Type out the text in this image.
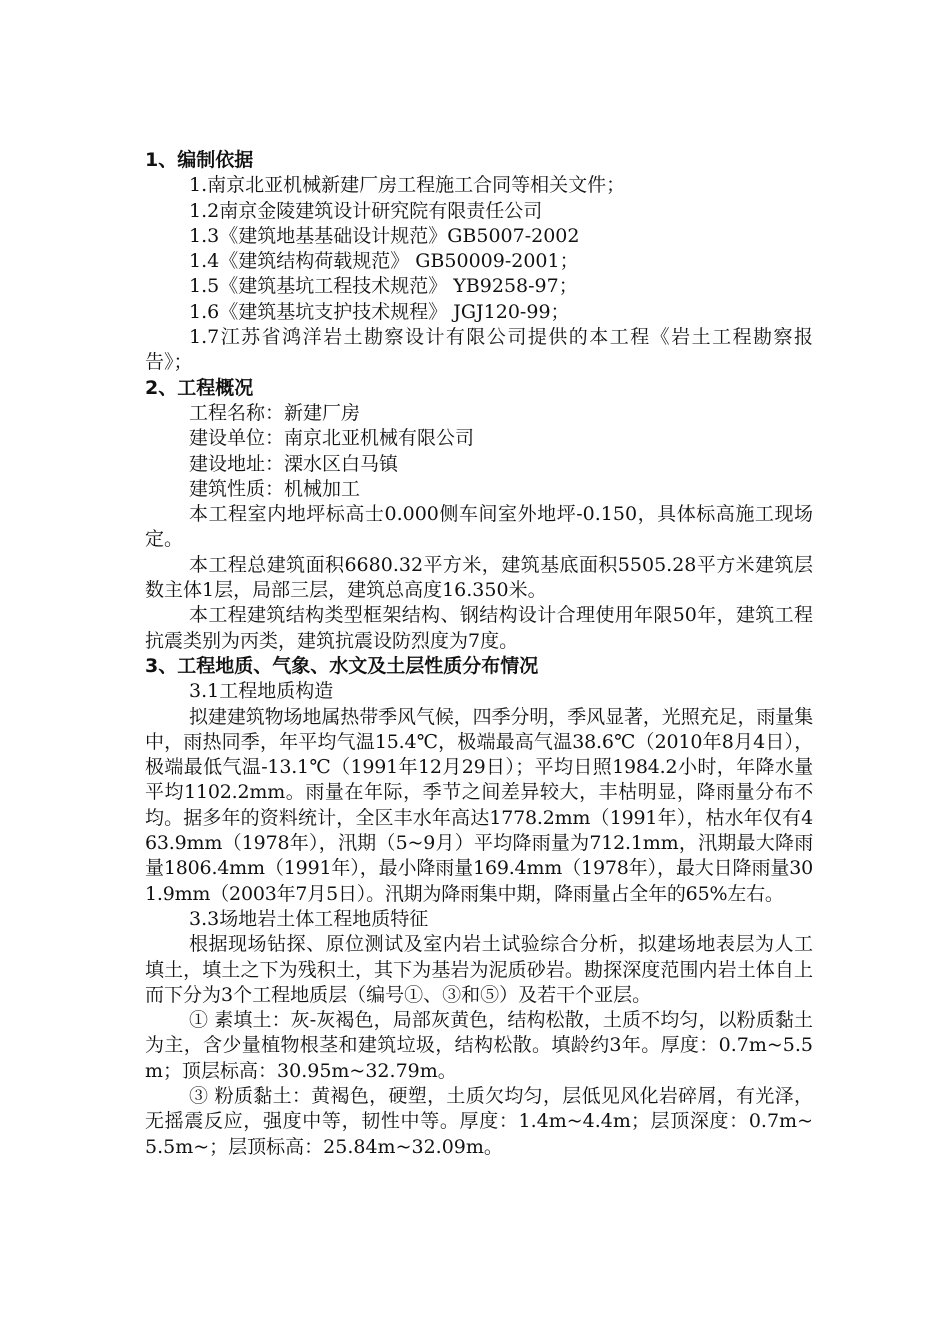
1、编制依据

1.南京北亚机械新建厂房工程施工合同等相关文件；

1.2南京金陵建筑设计研究院有限责任公司

1.3《建筑地基基础设计规范》GB5007-2002

1.4《建筑结构荷载规范》 GB50009-2001；

1.5《建筑基坑工程技术规范》 YB9258-97；

1.6《建筑基坑支护技术规程》 JGJ120-99；

1.7江苏省鸿洋岩土勘察设计有限公司提供的本工程《岩土工程勘察报告》；

2、工程概况

工程名称：新建厂房

建设单位：南京北亚机械有限公司

建设地址：溧水区白马镇

建筑性质：机械加工

本工程室内地坪标高士0.000侧车间室外地坪-0.150，具体标高施工现场定。

本工程总建筑面积6680.32平方米，建筑基底面积5505.28平方米建筑层数主体1层，局部三层，建筑总高度16.350米。

本工程建筑结构类型框架结构、钢结构设计合理使用年限50年，建筑工程抗震类别为丙类，建筑抗震设防烈度为7度。

3、工程地质、气象、水文及土层性质分布情况

3.1工程地质构造

拟建建筑物场地属热带季风气候，四季分明，季风显著，光照充足，雨量集中，雨热同季，年平均气温15.4℃，极端最高气温38.6℃（2010年8月4日），极端最低气温-13.1℃（1991年12月29日）；平均日照1984.2小时，年降水量平均1102.2mm。雨量在年际，季节之间差异较大，丰枯明显，降雨量分布不均。据多年的资料统计，全区丰水年高达1778.2mm（1991年），枯水年仅有463.9mm（1978年），汛期（5~9月）平均降雨量为712.1mm，汛期最大降雨量1806.4mm（1991年），最小降雨量169.4mm（1978年），最大日降雨量301.9mm（2003年7月5日）。汛期为降雨集中期，降雨量占全年的65%左右。

3.3场地岩土体工程地质特征

根据现场钻探、原位测试及室内岩土试验综合分析，拟建场地表层为人工填土，填土之下为残积土，其下为基岩为泥质砂岩。勘探深度范围内岩土体自上而下分为3个工程地质层（编号①、③和⑤）及若干个亚层。

① 素填土：灰-灰褐色，局部灰黄色，结构松散，土质不均匀，以粉质黏土为主，含少量植物根茎和建筑垃圾，结构松散。填龄约3年。厚度：0.7m~5.5m；顶层标高：30.95m~32.79m。

③ 粉质黏土：黄褐色，硬塑，土质欠均匀，层低见风化岩碎屑，有光泽，无摇震反应，强度中等，韧性中等。厚度：1.4m~4.4m；层顶深度：0.7m~5.5m~；层顶标高：25.84m~32.09m。
